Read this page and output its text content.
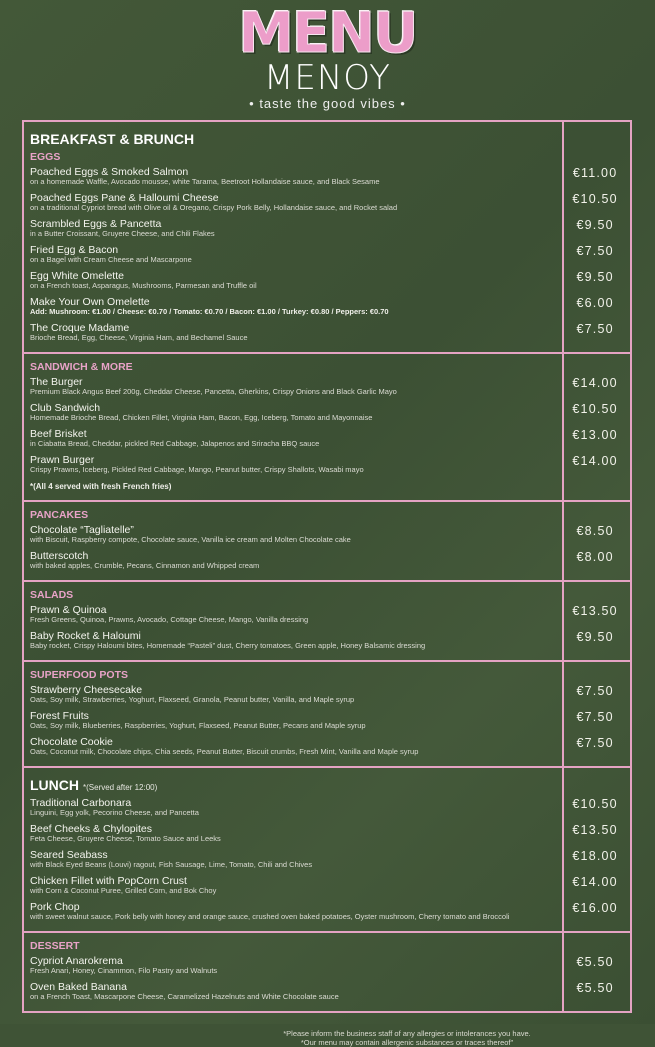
MENU
MENOY
• taste the good vibes •
BREAKFAST & BRUNCH
EGGS
Poached Eggs & Smoked Salmon
on a homemade Waffle, Avocado mousse, white Tarama, Beetroot Hollandaise sauce, and Black Sesame
€11.00
Poached Eggs Pane & Halloumi Cheese
on a traditional Cypriot bread with Olive oil & Oregano, Crispy Pork Belly, Hollandaise sauce, and Rocket salad
€10.50
Scrambled Eggs & Pancetta
in a Butter Croissant, Gruyere Cheese, and Chili Flakes
€9.50
Fried Egg & Bacon
on a Bagel with Cream Cheese and Mascarpone
€7.50
Egg White Omelette
on a French toast, Asparagus, Mushrooms, Parmesan and Truffle oil
€9.50
Make Your Own Omelette
Add: Mushroom: €1.00 / Cheese: €0.70 / Tomato: €0.70 / Bacon: €1.00 / Turkey: €0.80 / Peppers: €0.70
€6.00
The Croque Madame
Brioche Bread, Egg, Cheese, Virginia Ham, and Bechamel Sauce
€7.50
SANDWICH & MORE
The Burger
Premium Black Angus Beef 200g, Cheddar Cheese, Pancetta, Gherkins, Crispy Onions and Black Garlic Mayo
€14.00
Club Sandwich
Homemade Brioche Bread, Chicken Fillet, Virginia Ham, Bacon, Egg, Iceberg, Tomato and Mayonnaise
€10.50
Beef Brisket
in Ciabatta Bread, Cheddar, pickled Red Cabbage, Jalapenos and Sriracha BBQ sauce
€13.00
Prawn Burger
Crispy Prawns, Iceberg, Pickled Red Cabbage, Mango, Peanut butter, Crispy Shallots, Wasabi mayo
€14.00
*(All 4 served with fresh French fries)
PANCAKES
Chocolate “Tagliatelle”
with Biscuit, Raspberry compote, Chocolate sauce, Vanilla ice cream and Molten Chocolate cake
€8.50
Butterscotch
with baked apples, Crumble, Pecans, Cinnamon and Whipped cream
€8.00
SALADS
Prawn & Quinoa
Fresh Greens, Quinoa, Prawns, Avocado, Cottage Cheese, Mango, Vanilla dressing
€13.50
Baby Rocket & Haloumi
Baby rocket, Crispy Haloumi bites, Homemade “Pasteli” dust, Cherry tomatoes, Green apple, Honey Balsamic dressing
€9.50
SUPERFOOD POTS
Strawberry Cheesecake
Oats, Soy milk, Strawberries, Yoghurt, Flaxseed, Granola, Peanut butter, Vanilla, and Maple syrup
€7.50
Forest Fruits
Oats, Soy milk, Blueberries, Raspberries, Yoghurt, Flaxseed, Peanut Butter, Pecans and Maple syrup
€7.50
Chocolate Cookie
Oats, Coconut milk, Chocolate chips, Chia seeds, Peanut Butter, Biscuit crumbs, Fresh Mint, Vanilla and Maple syrup
€7.50
LUNCH *(Served after 12:00)
Traditional Carbonara
Linguini, Egg yolk, Pecorino Cheese, and Pancetta
€10.50
Beef Cheeks & Chylopites
Feta Cheese, Gruyere Cheese, Tomato Sauce and Leeks
€13.50
Seared Seabass
with Black Eyed Beans (Louvi) ragout, Fish Sausage, Lime, Tomato, Chili and Chives
€18.00
Chicken Fillet with PopCorn Crust
with Corn & Coconut Puree, Grilled Corn, and Bok Choy
€14.00
Pork Chop
with sweet walnut sauce, Pork belly with honey and orange sauce, crushed oven baked potatoes, Oyster mushroom, Cherry tomato and Broccoli
€16.00
DESSERT
Cypriot Anarokrema
Fresh Anari, Honey, Cinammon, Filo Pastry and Walnuts
€5.50
Oven Baked Banana
on a French Toast, Mascarpone Cheese, Caramelized Hazelnuts and White Chocolate sauce
€5.50
*Please inform the business staff of any allergies or intolerances you have.
*Our menu may contain allergenic substances or traces thereof"
